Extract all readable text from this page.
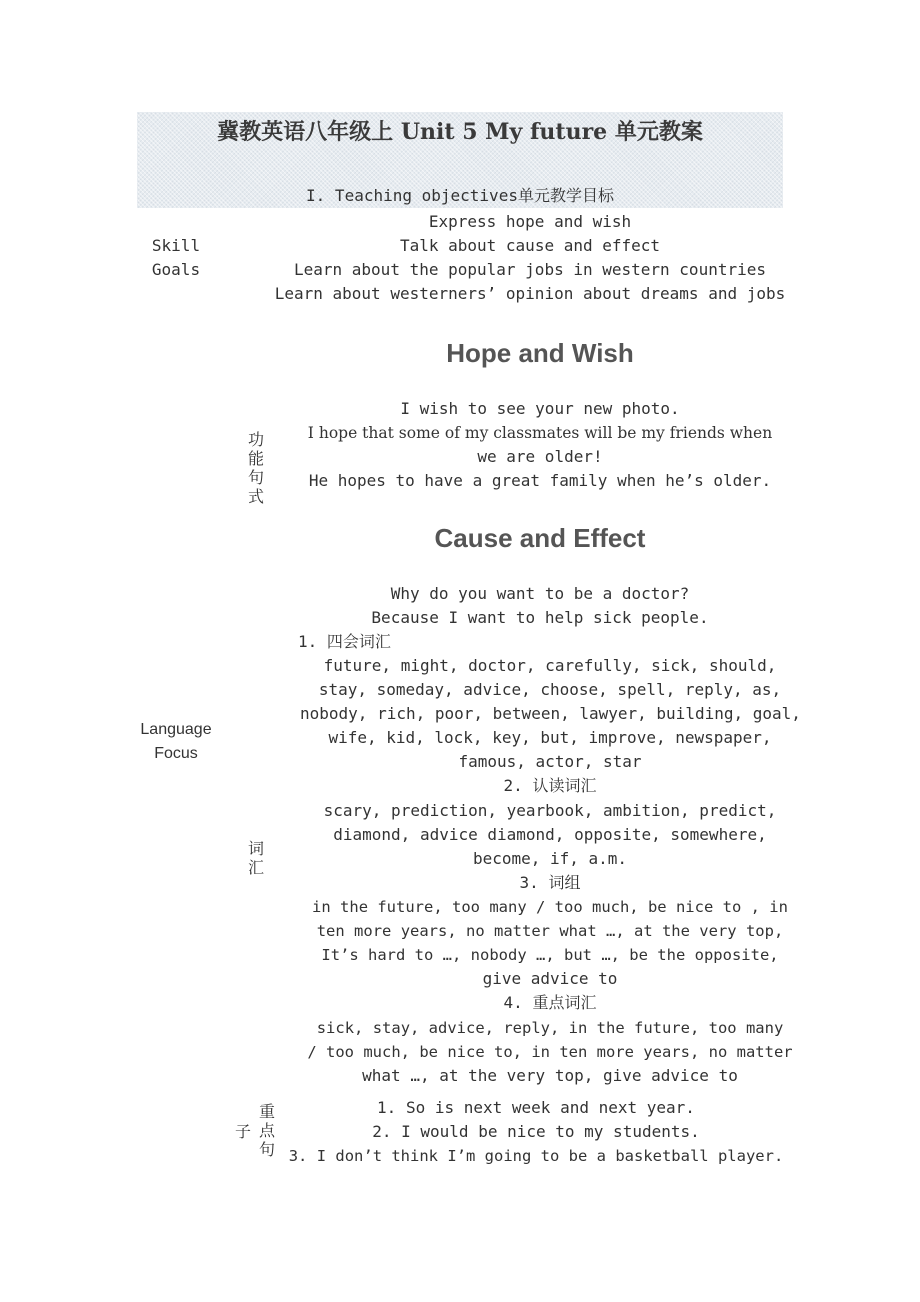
冀教英语八年级上 Unit 5 My future 单元教案
I. Teaching objectives单元教学目标
Skill
Goals
Express hope and wish
Talk about cause and effect
Learn about the popular jobs in western countries
Learn about westerners’ opinion about dreams and jobs
Hope and Wish
I wish to see your new photo.
I hope that some of my classmates will be my friends when
we are older!
He hopes to have a great family when he’s older.
功
能
句
式
Cause and Effect
Why do you want to be a doctor?
Because I want to help sick people.
Language
Focus
词
汇
1. 四会词汇
future, might, doctor, carefully, sick, should,
stay, someday, advice, choose, spell, reply, as,
nobody, rich, poor, between, lawyer, building, goal,
wife, kid, lock, key, but, improve, newspaper,
famous, actor, star
2. 认读词汇
scary, prediction, yearbook, ambition, predict,
diamond, advice diamond, opposite, somewhere,
become, if, a.m.
3. 词组
in the future, too many / too much, be nice to , in
ten more years, no matter what …, at the very top,
It’s hard to …, nobody …, but …, be the opposite,
give advice to
4. 重点词汇
sick, stay, advice, reply, in the future, too many
/ too much, be nice to, in ten more years, no matter
what …, at the very top, give advice to
子
重
点
句
1. So is next week and next year.
2. I would be nice to my students.
3. I don’t think I’m going to be a basketball player.
